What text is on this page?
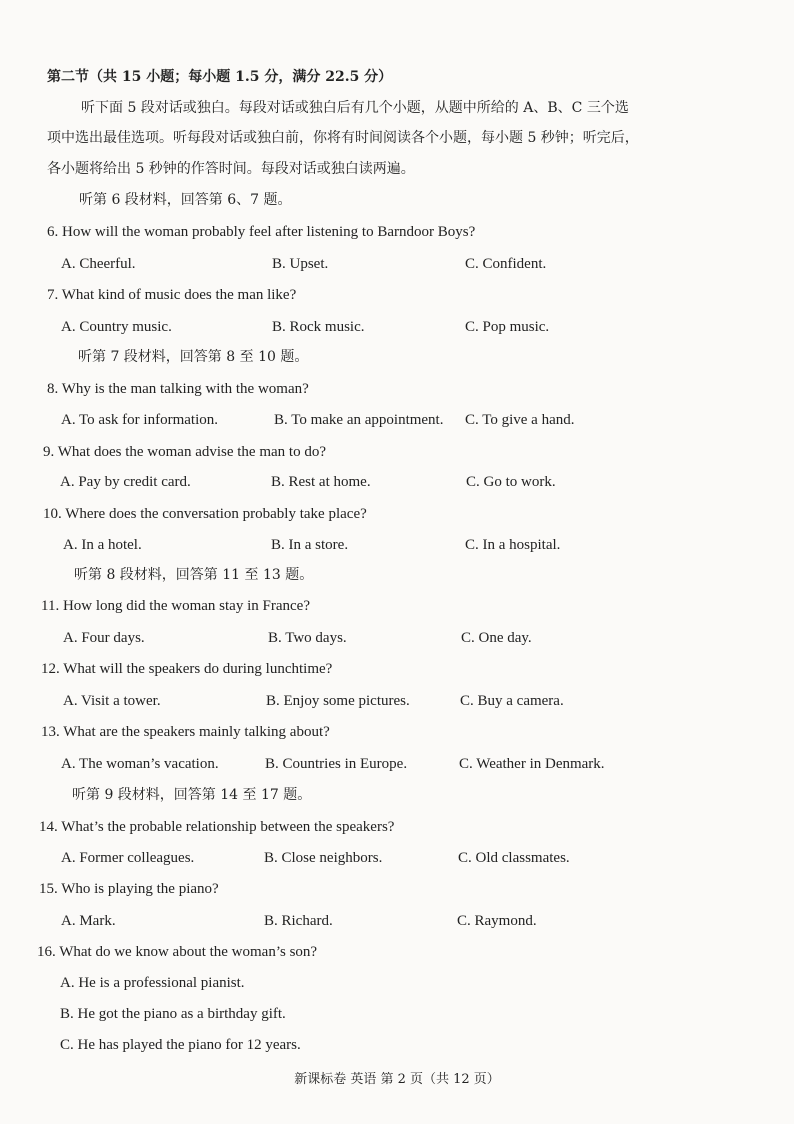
第二节（共 15 小题；每小题 1.5 分，满分 22.5 分）
听下面 5 段对话或独白。每段对话或独白后有几个小题，从题中所给的 A、B、C 三个选
项中选出最佳选项。听每段对话或独白前，你将有时间阅读各个小题，每小题 5 秒钟；听完后，
各小题将给出 5 秒钟的作答时间。每段对话或独白读两遍。
听第 6 段材料，回答第 6、7 题。
6. How will the woman probably feel after listening to Barndoor Boys?
A. Cheerful.	B. Upset.	C. Confident.
7. What kind of music does the man like?
A. Country music.	B. Rock music.	C. Pop music.
听第 7 段材料，回答第 8 至 10 题。
8. Why is the man talking with the woman?
A. To ask for information.	B. To make an appointment. C. To give a hand.
9. What does the woman advise the man to do?
A. Pay by credit card.	B. Rest at home.	C. Go to work.
10. Where does the conversation probably take place?
A. In a hotel.	B. In a store.	C. In a hospital.
听第 8 段材料，回答第 11 至 13 题。
11. How long did the woman stay in France?
A. Four days.	B. Two days.	C. One day.
12. What will the speakers do during lunchtime?
A. Visit a tower.	B. Enjoy some pictures.	C. Buy a camera.
13. What are the speakers mainly talking about?
A. The woman’s vacation.	B. Countries in Europe.	C. Weather in Denmark.
听第 9 段材料，回答第 14 至 17 题。
14. What’s the probable relationship between the speakers?
A. Former colleagues.	B. Close neighbors.	C. Old classmates.
15. Who is playing the piano?
A. Mark.	B. Richard.	C. Raymond.
16. What do we know about the woman’s son?
A. He is a professional pianist.
B. He got the piano as a birthday gift.
C. He has played the piano for 12 years.
新课标卷 英语 第 2 页（共 12 页）
